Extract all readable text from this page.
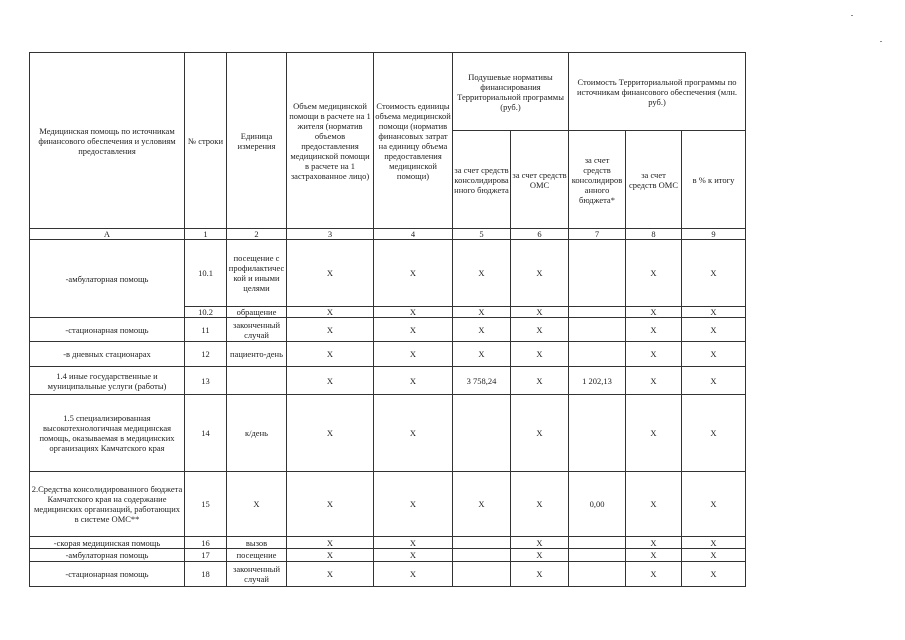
Медицинская помощь по источникам финансового обеспечения и условиям предоставления	№ строки	Единица измерения	Объем медицинской помощи в расчете на 1 жителя (норматив объемов предоставления медицинской помощи в расчете на 1 застрахованное лицо)	Стоимость единицы объема медицинской помощи (норматив финансовых затрат на единицу объема предоставления медицинской помощи)	Подушевые нормативы финансирования Территориальной программы (руб.)		Стоимость Территориальной программы по источникам финансового обеспечения (млн. руб.)		
					за счет средств консолидированного бюджета	за счет средств ОМС	за счет средств консолидированного бюджета*	за счет средств ОМС	в % к итогу
А	1	2	3	4	5	6	7	8	9
-амбулаторная помощь	10.1	посещение с профилактической и иными целями	Х	Х	Х	Х		Х	Х
	10.2	обращение	Х	Х	Х	Х		Х	Х
-стационарная помощь	11	законченный случай	Х	Х	Х	Х		Х	Х
-в дневных стационарах	12	пациенто-день	Х	Х	Х	Х		Х	Х
1.4 иные государственные и муниципальные услуги (работы)	13		Х	Х	3 758,24	Х	1 202,13	Х	Х
1.5 специализированная высокотехнологичная медицинская помощь, оказываемая в медицинских организациях Камчатского края	14	к/день	Х	Х		Х		Х	Х
2.Средства консолидированного бюджета Камчатского края на содержание медицинских организаций, работающих в системе ОМС**	15	Х	Х	Х	Х	Х	0,00	Х	Х
-скорая медицинская помощь	16	вызов	Х	Х		Х		Х	Х
-амбулаторная помощь	17	посещение	Х	Х		Х		Х	Х
-стационарная помощь	18	законченный случай	Х	Х		Х		Х	Х
